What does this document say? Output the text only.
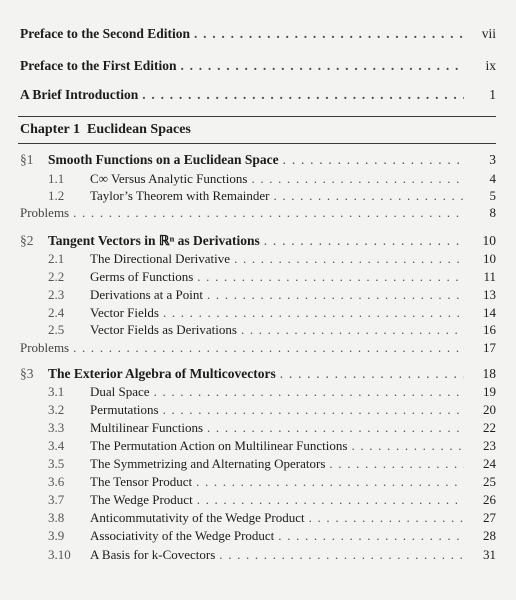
Preface to the Second Edition . . .	vii
Preface to the First Edition . . .	ix
A Brief Introduction . . .	1
Chapter 1 Euclidean Spaces
§1	Smooth Functions on a Euclidean Space . . .	3
1.1	C∞ Versus Analytic Functions . . .	4
1.2	Taylor’s Theorem with Remainder . . .	5
Problems . . .	8
§2	Tangent Vectors in ℝⁿ as Derivations . . .	10
2.1	The Directional Derivative . . .	10
2.2	Germs of Functions . . .	11
2.3	Derivations at a Point . . .	13
2.4	Vector Fields . . .	14
2.5	Vector Fields as Derivations . . .	16
Problems . . .	17
§3	The Exterior Algebra of Multicovectors . . .	18
3.1	Dual Space . . .	19
3.2	Permutations . . .	20
3.3	Multilinear Functions . . .	22
3.4	The Permutation Action on Multilinear Functions . . .	23
3.5	The Symmetrizing and Alternating Operators . . .	24
3.6	The Tensor Product . . .	25
3.7	The Wedge Product . . .	26
3.8	Anticommutativity of the Wedge Product . . .	27
3.9	Associativity of the Wedge Product . . .	28
3.10	A Basis for k-Covectors . . .	31
